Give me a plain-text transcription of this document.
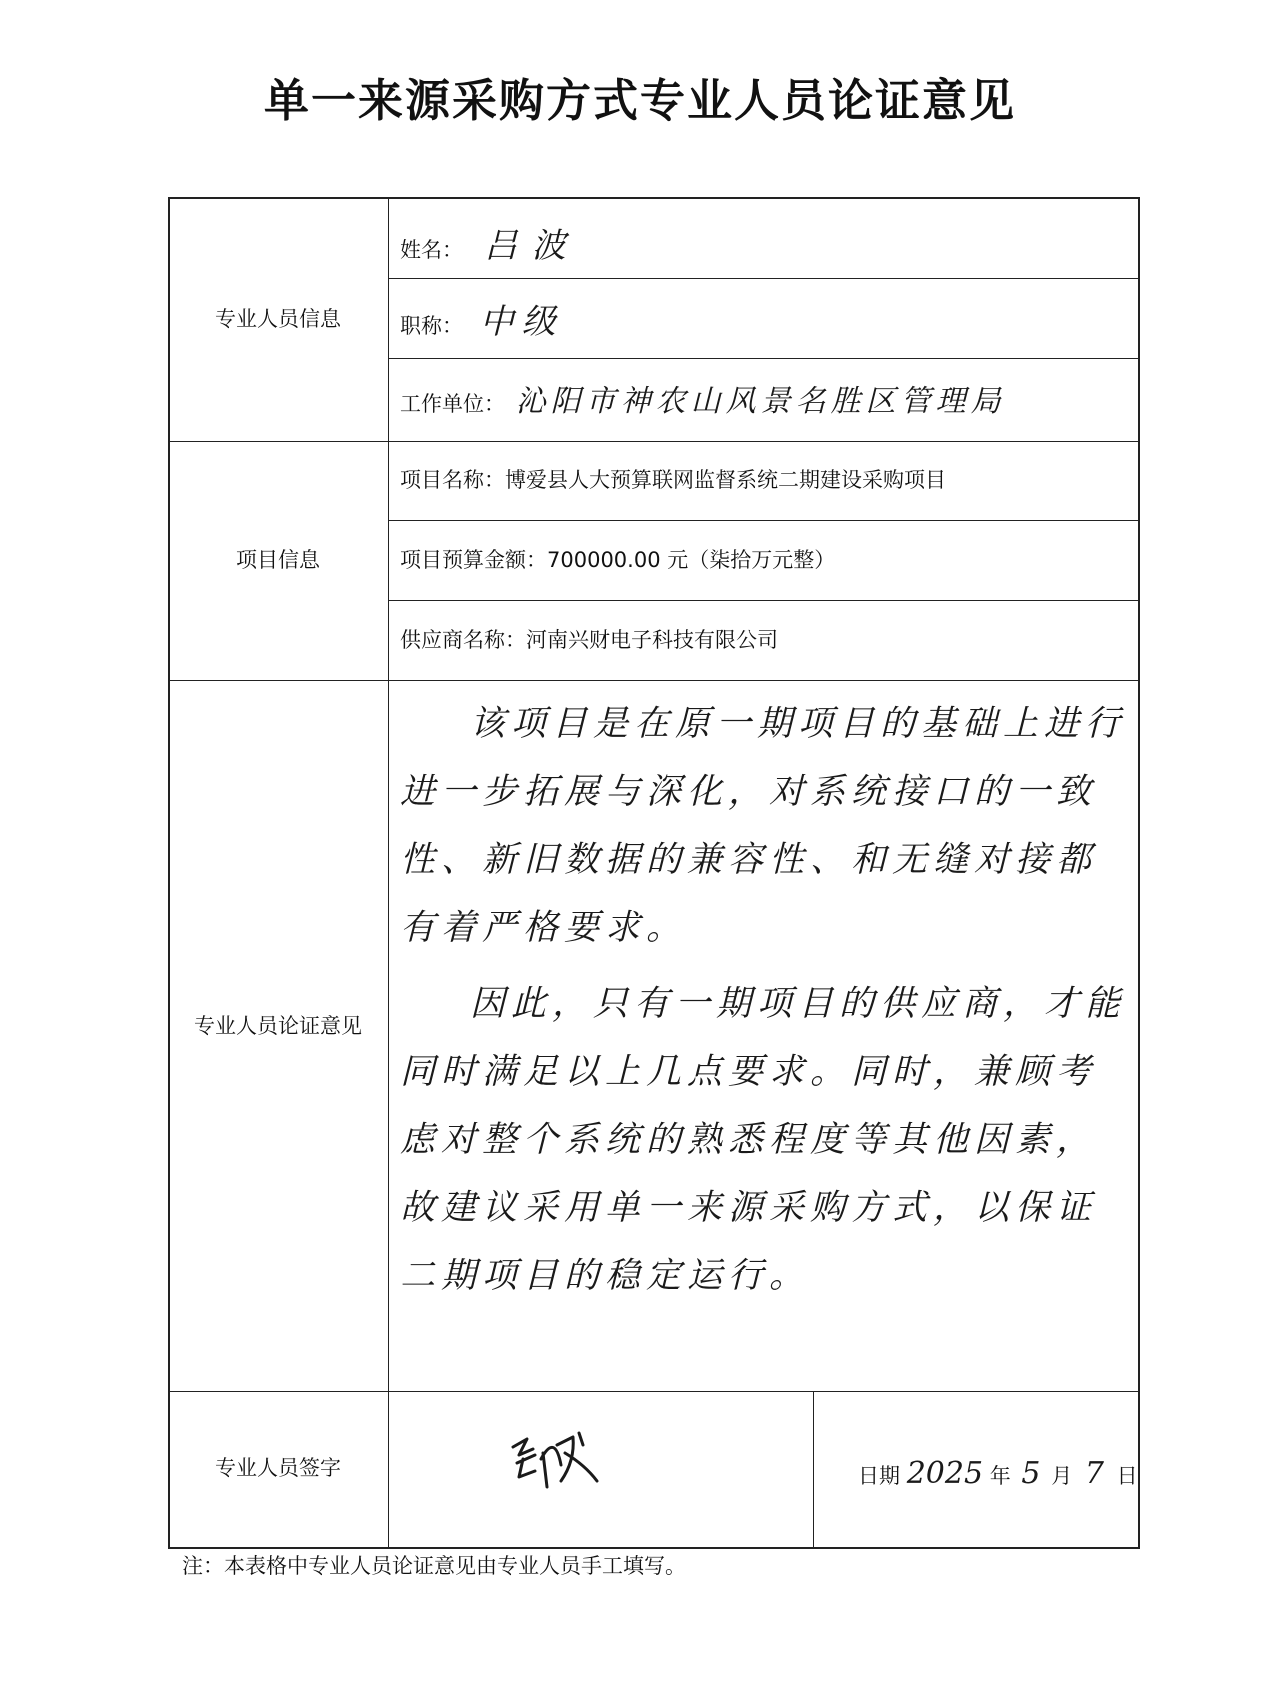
单一来源采购方式专业人员论证意见
专业人员信息
项目信息
专业人员论证意见
专业人员签字
姓名： 吕波
职称： 中级
工作单位： 沁阳市神农山风景名胜区管理局
项目名称：博爱县人大预算联网监督系统二期建设采购项目
项目预算金额：700000.00 元（柒拾万元整）
供应商名称：河南兴财电子科技有限公司

该项目是在原一期项目的基础上进行进一步拓展与深化，对系统接口的一致性、新旧数据的兼容性、和无缝对接都有着严格要求。

因此，只有一期项目的供应商，才能同时满足以上几点要求。同时，兼顾考虑对整个系统的熟悉程度等其他因素，故建议采用单一来源采购方式，以保证二期项目的稳定运行。

日期 2025 年 5 月 7 日
注：本表格中专业人员论证意见由专业人员手工填写。
